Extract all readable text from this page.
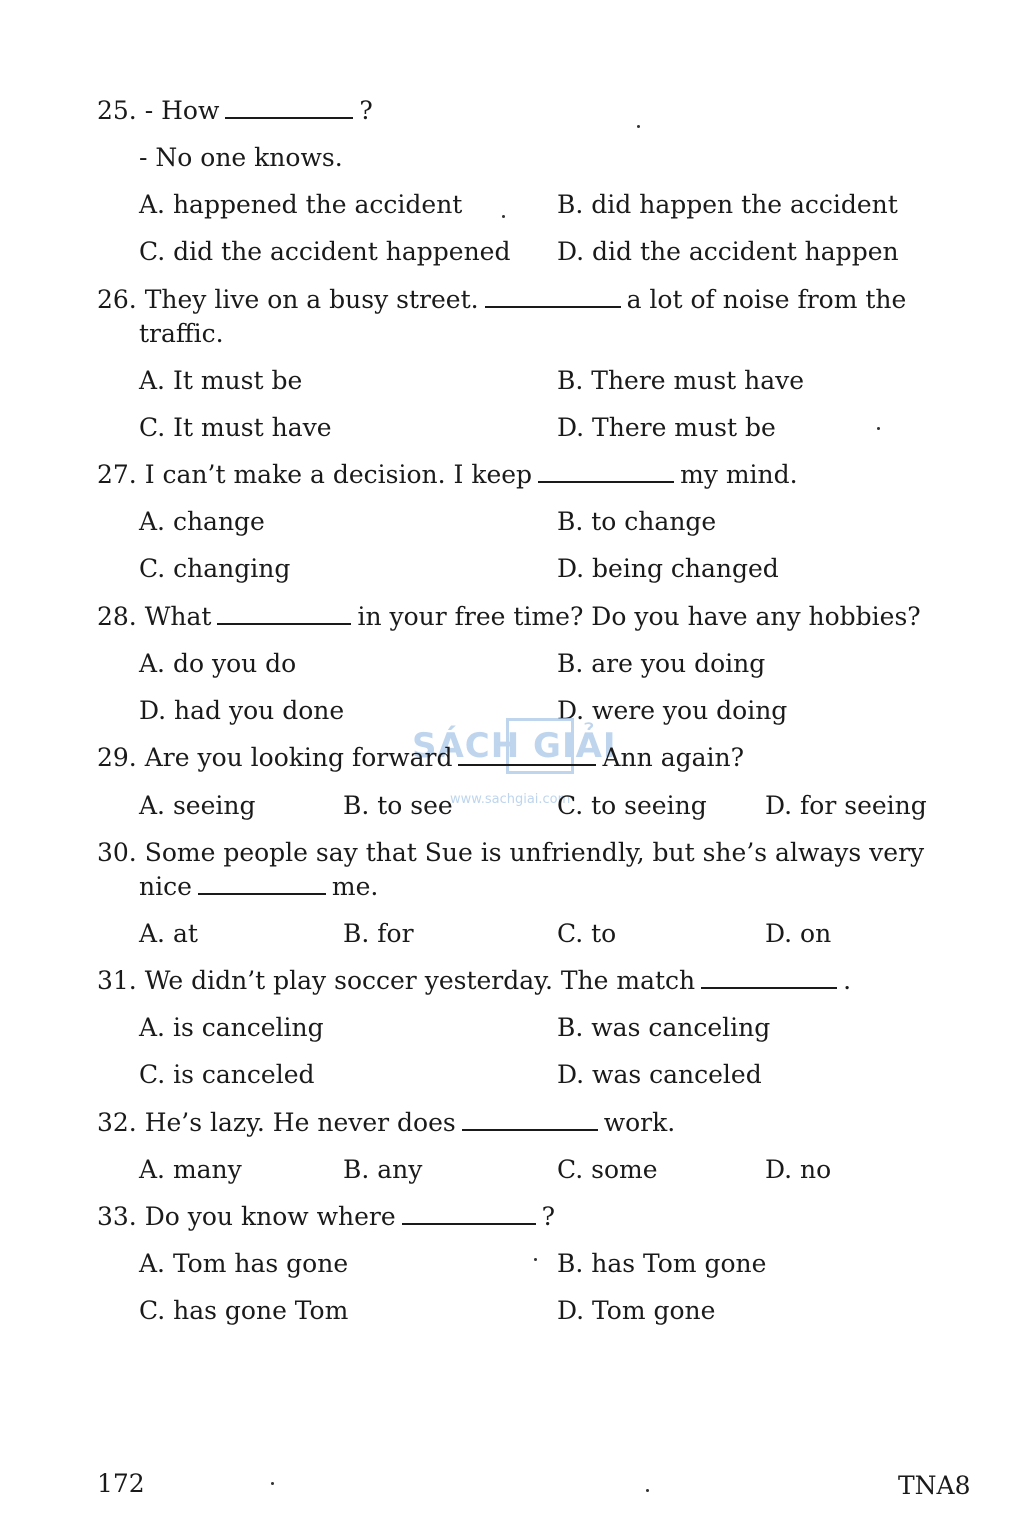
25. - How	?
- No one knows.
A. happened the accident	B. did happen the accident
C. did the accident happened D. did the accident happen
26. They live on a busy street.	a lot of noise from the
traffic.
A. It must be	B. There must have
C. It must have	D. There must be
27. I can’t make a decision. I keep	my mind.
A. change	B. to change
C. changing	D. being changed
28. What	in your free time? Do you have any hobbies?
A. do you do	B. are you doing
D. had you done	D. were you doing
SÁCH GIẢI
www.sachgiai.com
29. Are you looking forward	Ann again?
A. seeing	B. to see	C. to seeing D. for seeing
30. Some people say that Sue is unfriendly, but she’s always very
nice	me.
A. at	B. for	C. to	D. on
31. We didn’t play soccer yesterday. The match	.
A. is canceling	B. was canceling
C. is canceled	D. was canceled
32. He’s lazy. He never does	work.
A. many	B. any	C. some	D. no
33. Do you know where	?
A. Tom has gone	B. has Tom gone
C. has gone Tom	D. Tom gone
172	TNA8
